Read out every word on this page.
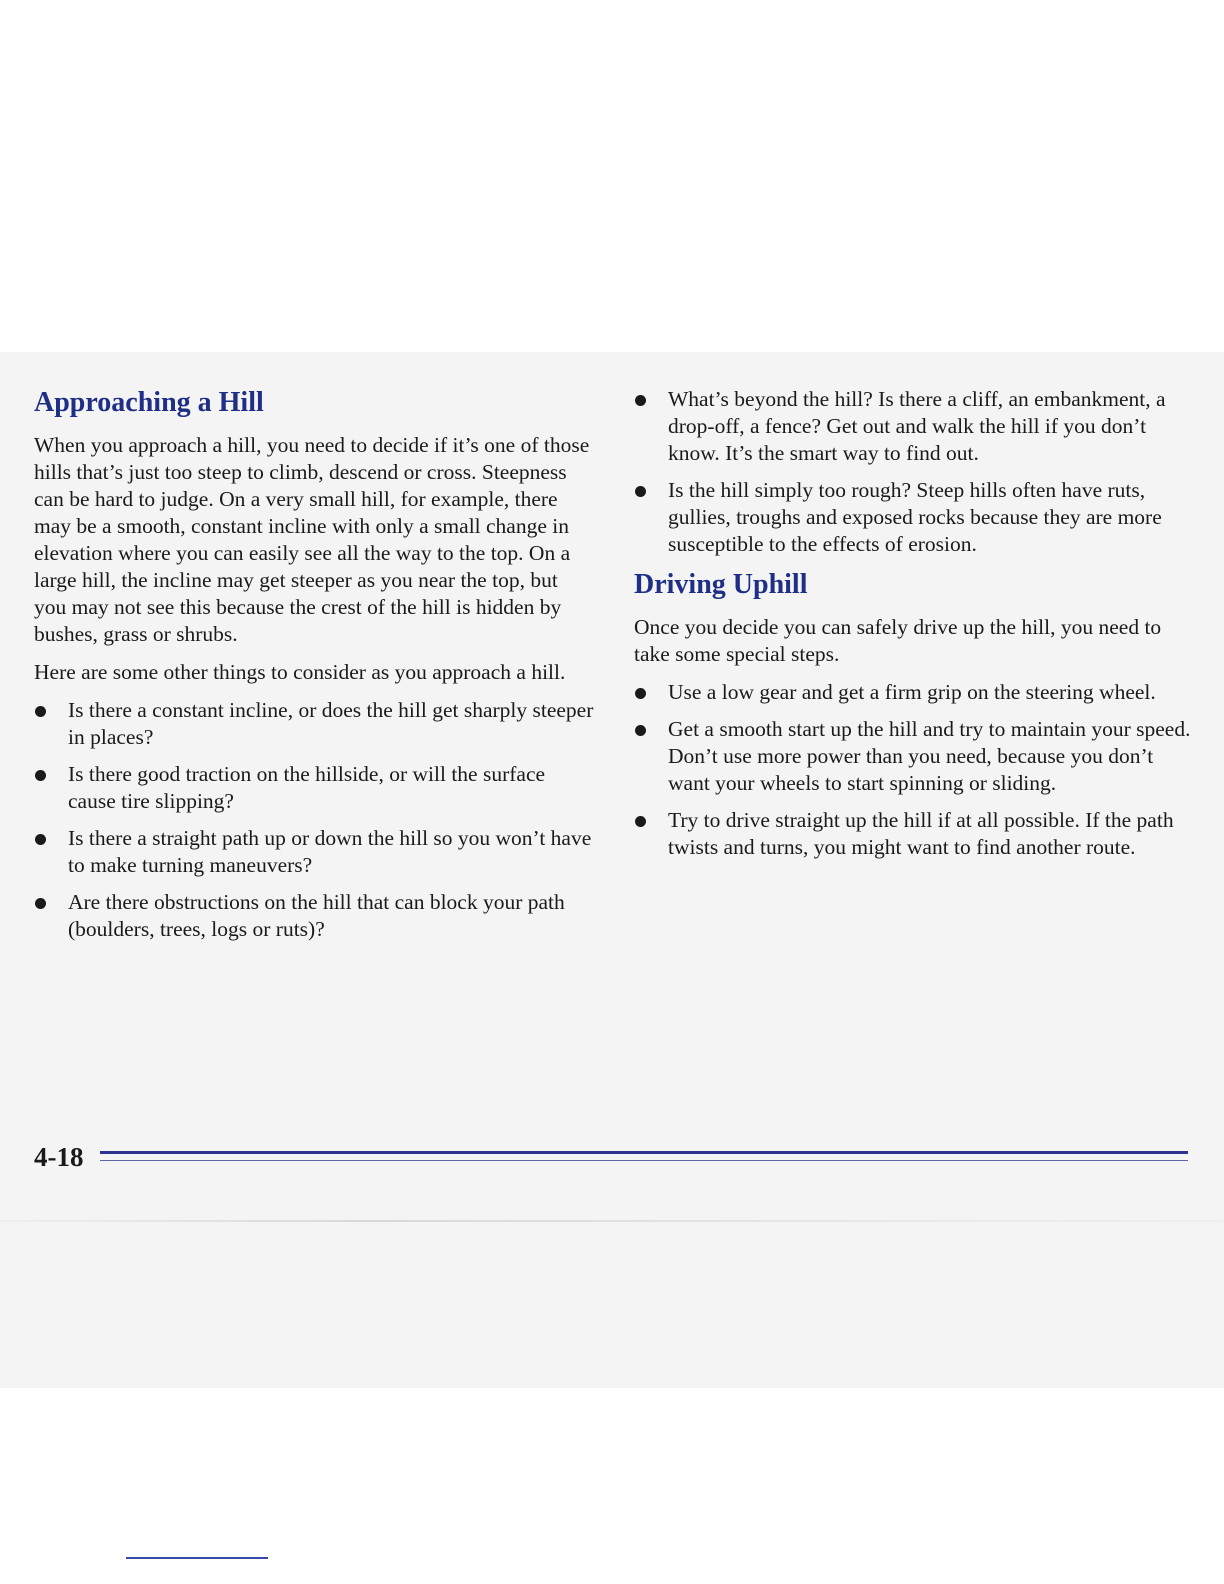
Approaching a Hill

When you approach a hill, you need to decide if it’s one of those hills that’s just too steep to climb, descend or cross. Steepness can be hard to judge. On a very small hill, for example, there may be a smooth, constant incline with only a small change in elevation where you can easily see all the way to the top. On a large hill, the incline may get steeper as you near the top, but you may not see this because the crest of the hill is hidden by bushes, grass or shrubs.

Here are some other things to consider as you approach a hill.

Is there a constant incline, or does the hill get sharply steeper in places?
Is there good traction on the hillside, or will the surface cause tire slipping?
Is there a straight path up or down the hill so you won’t have to make turning maneuvers?
Are there obstructions on the hill that can block your path (boulders, trees, logs or ruts)?
What’s beyond the hill? Is there a cliff, an embankment, a drop-off, a fence? Get out and walk the hill if you don’t know. It’s the smart way to find out.
Is the hill simply too rough? Steep hills often have ruts, gullies, troughs and exposed rocks because they are more susceptible to the effects of erosion.
Driving Uphill

Once you decide you can safely drive up the hill, you need to take some special steps.

Use a low gear and get a firm grip on the steering wheel.
Get a smooth start up the hill and try to maintain your speed. Don’t use more power than you need, because you don’t want your wheels to start spinning or sliding.
Try to drive straight up the hill if at all possible. If the path twists and turns, you might want to find another route.
4-18
